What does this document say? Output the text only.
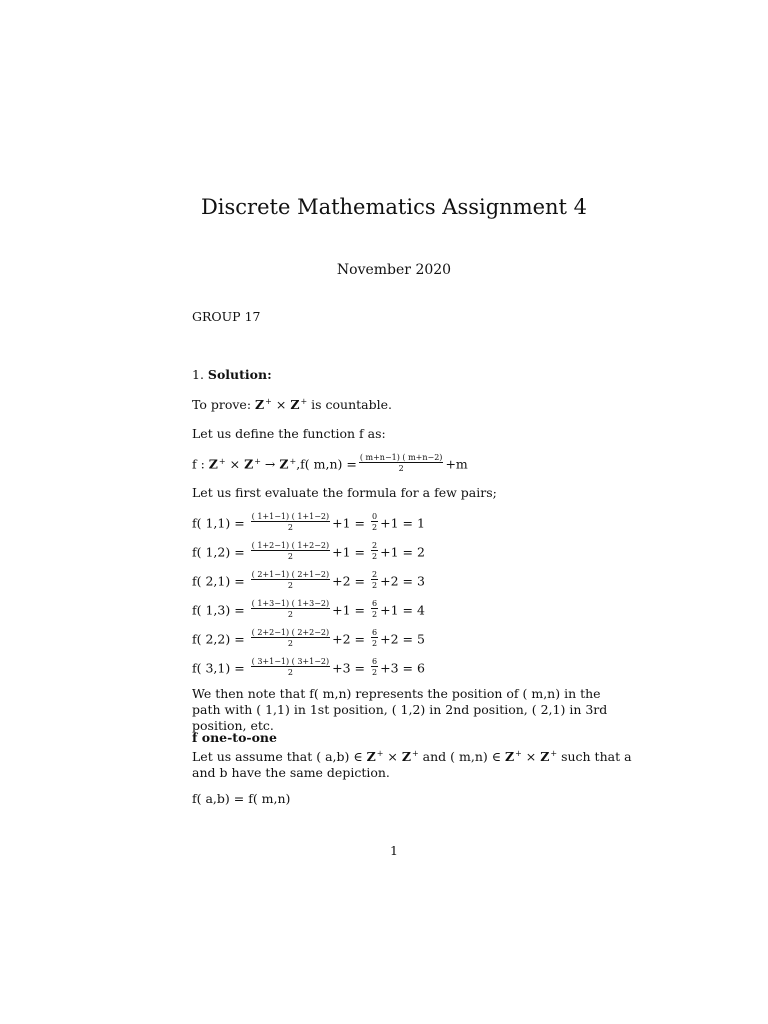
Discrete Mathematics Assignment 4
November 2020
GROUP 17
1. Solution:
To prove: Z+ × Z+ is countable.
Let us define the function f as:
f : Z+ × Z+ → Z+,f( $m,n) = \frac{( m+n-1) ( m+n-2)}{2} +m$
Let us first evaluate the formula for a few pairs;
f( $1,1) = \frac{( 1+1-1) ( 1+1-2)}{2} +1 = \frac{0}{2} +1 = 1$
f( $1,2) = \frac{( 1+2-1) ( 1+2-2)}{2} +1 = \frac{2}{2} +1 = 2$
f( $2,1) = \frac{( 2+1-1) ( 2+1-2)}{2} +2 = \frac{2}{2} +2 = 3$
f( $1,3) = \frac{( 1+3-1) ( 1+3-2)}{2} +1 = \frac{6}{2} +1 = 4$
f( $2,2) = \frac{( 2+2-1) ( 2+2-2)}{2} +2 = \frac{6}{2} +2 = 5$
f( $3,1) = \frac{( 3+1-1) ( 3+1-2)}{2} +3 = \frac{6}{2} +3 = 6$
We then note that f( m,n) represents the position of ( m,n) in the path with ( 1,1) in 1st position, ( 1,2) in 2nd position, ( 2,1) in 3rd position, etc.
f one-to-one
Let us assume that ( a,b) ∈ Z+ × Z+ and ( m,n) ∈ Z+ × Z+ such that a and b have the same depiction.
f( a,b) = f( m,n)
1
